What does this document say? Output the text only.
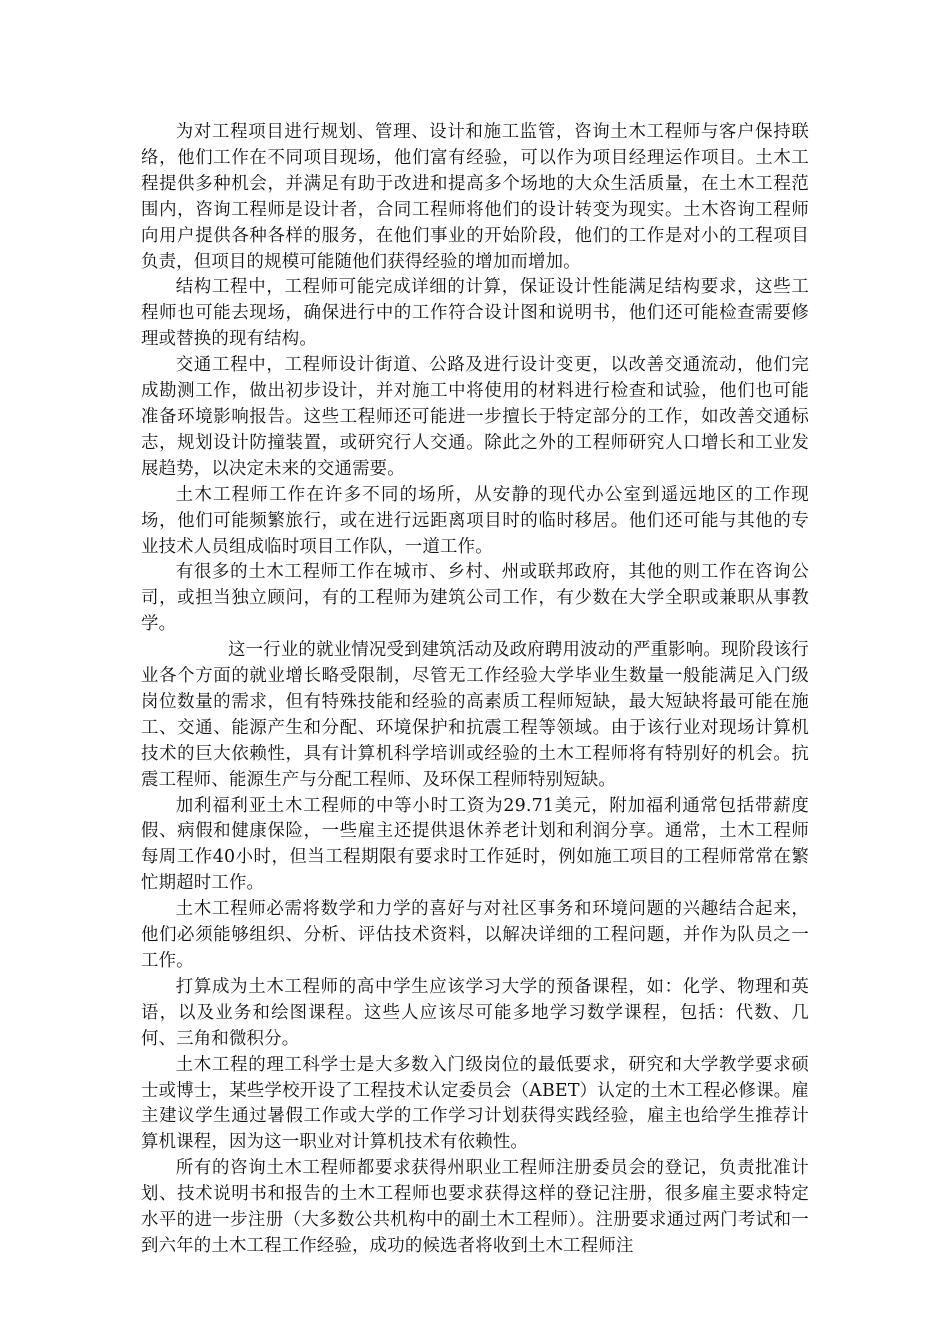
为对工程项目进行规划、管理、设计和施工监管，咨询土木工程师与客户保持联络，他们工作在不同项目现场，他们富有经验，可以作为项目经理运作项目。土木工程提供多种机会，并满足有助于改进和提高多个场地的大众生活质量，在土木工程范围内，咨询工程师是设计者，合同工程师将他们的设计转变为现实。土木咨询工程师向用户提供各种各样的服务，在他们事业的开始阶段，他们的工作是对小的工程项目负责，但项目的规模可能随他们获得经验的增加而增加。

结构工程中，工程师可能完成详细的计算，保证设计性能满足结构要求，这些工程师也可能去现场，确保进行中的工作符合设计图和说明书，他们还可能检查需要修理或替换的现有结构。

交通工程中，工程师设计街道、公路及进行设计变更，以改善交通流动，他们完成勘测工作，做出初步设计，并对施工中将使用的材料进行检查和试验，他们也可能准备环境影响报告。这些工程师还可能进一步擅长于特定部分的工作，如改善交通标志，规划设计防撞装置，或研究行人交通。除此之外的工程师研究人口增长和工业发展趋势，以决定未来的交通需要。

土木工程师工作在许多不同的场所，从安静的现代办公室到遥远地区的工作现场，他们可能频繁旅行，或在进行远距离项目时的临时移居。他们还可能与其他的专业技术人员组成临时项目工作队，一道工作。

有很多的土木工程师工作在城市、乡村、州或联邦政府，其他的则工作在咨询公司，或担当独立顾问，有的工程师为建筑公司工作，有少数在大学全职或兼职从事教学。

这一行业的就业情况受到建筑活动及政府聘用波动的严重影响。现阶段该行业各个方面的就业增长略受限制，尽管无工作经验大学毕业生数量一般能满足入门级岗位数量的需求，但有特殊技能和经验的高素质工程师短缺，最大短缺将最可能在施工、交通、能源产生和分配、环境保护和抗震工程等领域。由于该行业对现场计算机技术的巨大依赖性，具有计算机科学培训或经验的土木工程师将有特别好的机会。抗震工程师、能源生产与分配工程师、及环保工程师特别短缺。

加利福利亚土木工程师的中等小时工资为29.71美元，附加福利通常包括带薪度假、病假和健康保险，一些雇主还提供退休养老计划和利润分享。通常，土木工程师每周工作40小时，但当工程期限有要求时工作延时，例如施工项目的工程师常常在繁忙期超时工作。

土木工程师必需将数学和力学的喜好与对社区事务和环境问题的兴趣结合起来，他们必须能够组织、分析、评估技术资料，以解决详细的工程问题，并作为队员之一工作。

打算成为土木工程师的高中学生应该学习大学的预备课程，如：化学、物理和英语，以及业务和绘图课程。这些人应该尽可能多地学习数学课程，包括：代数、几何、三角和微积分。

土木工程的理工科学士是大多数入门级岗位的最低要求，研究和大学教学要求硕士或博士，某些学校开设了工程技术认定委员会（ABET）认定的土木工程必修课。雇主建议学生通过暑假工作或大学的工作学习计划获得实践经验，雇主也给学生推荐计算机课程，因为这一职业对计算机技术有依赖性。

所有的咨询土木工程师都要求获得州职业工程师注册委员会的登记，负责批准计划、技术说明书和报告的土木工程师也要求获得这样的登记注册，很多雇主要求特定水平的进一步注册（大多数公共机构中的副土木工程师）。注册要求通过两门考试和一到六年的土木工程工作经验，成功的候选者将收到土木工程师注
